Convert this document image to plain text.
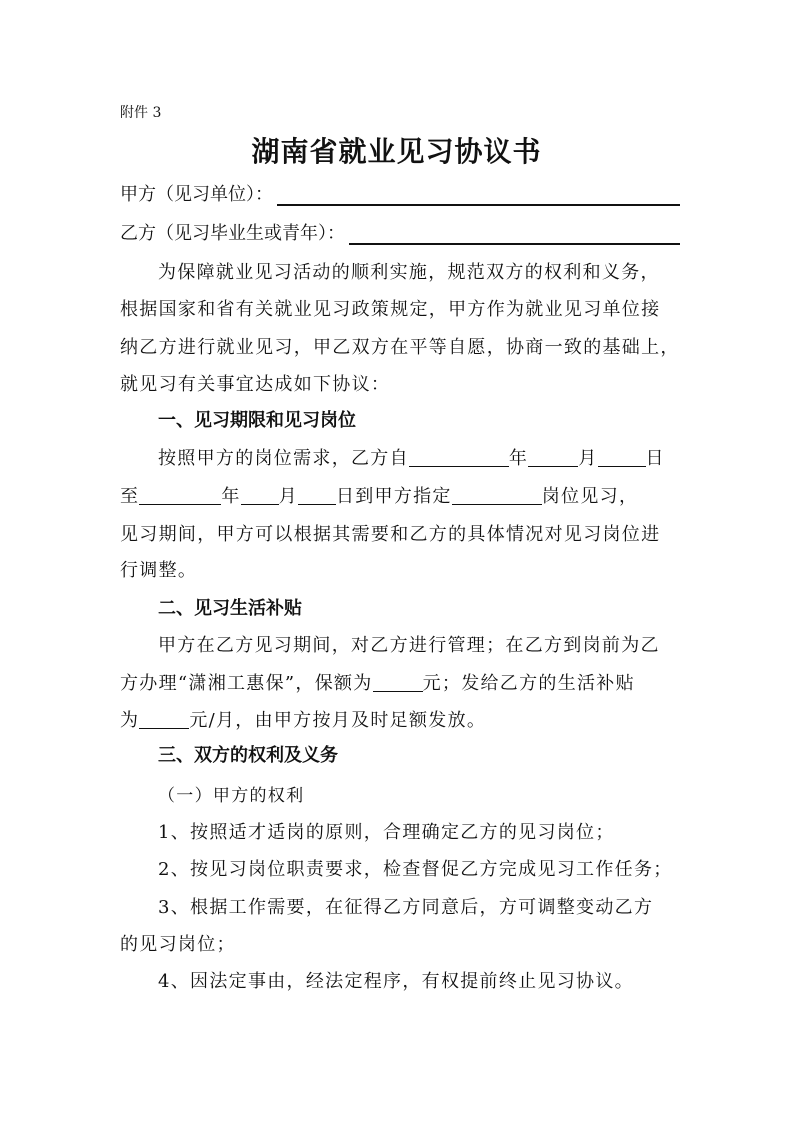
附件 3
湖南省就业见习协议书
甲方（见习单位）：
乙方（见习毕业生或青年）：
为保障就业见习活动的顺利实施，规范双方的权利和义务，
根据国家和省有关就业见习政策规定，甲方作为就业见习单位接
纳乙方进行就业见习，甲乙双方在平等自愿，协商一致的基础上，
就见习有关事宜达成如下协议：
一、见习期限和见习岗位
按照甲方的岗位需求，乙方自	年	月	日
至	年 月 日到甲方指定	岗位见习，
见习期间，甲方可以根据其需要和乙方的具体情况对见习岗位进
行调整。
二、见习生活补贴
甲方在乙方见习期间，对乙方进行管理；在乙方到岗前为乙
方办理“潇湘工惠保”，保额为	元；发给乙方的生活补贴
为	元/月，由甲方按月及时足额发放。
三、双方的权利及义务
（一）甲方的权利
1、按照适才适岗的原则，合理确定乙方的见习岗位；
2、按见习岗位职责要求，检查督促乙方完成见习工作任务；
3、根据工作需要，在征得乙方同意后，方可调整变动乙方
的见习岗位；
4、因法定事由，经法定程序，有权提前终止见习协议。
